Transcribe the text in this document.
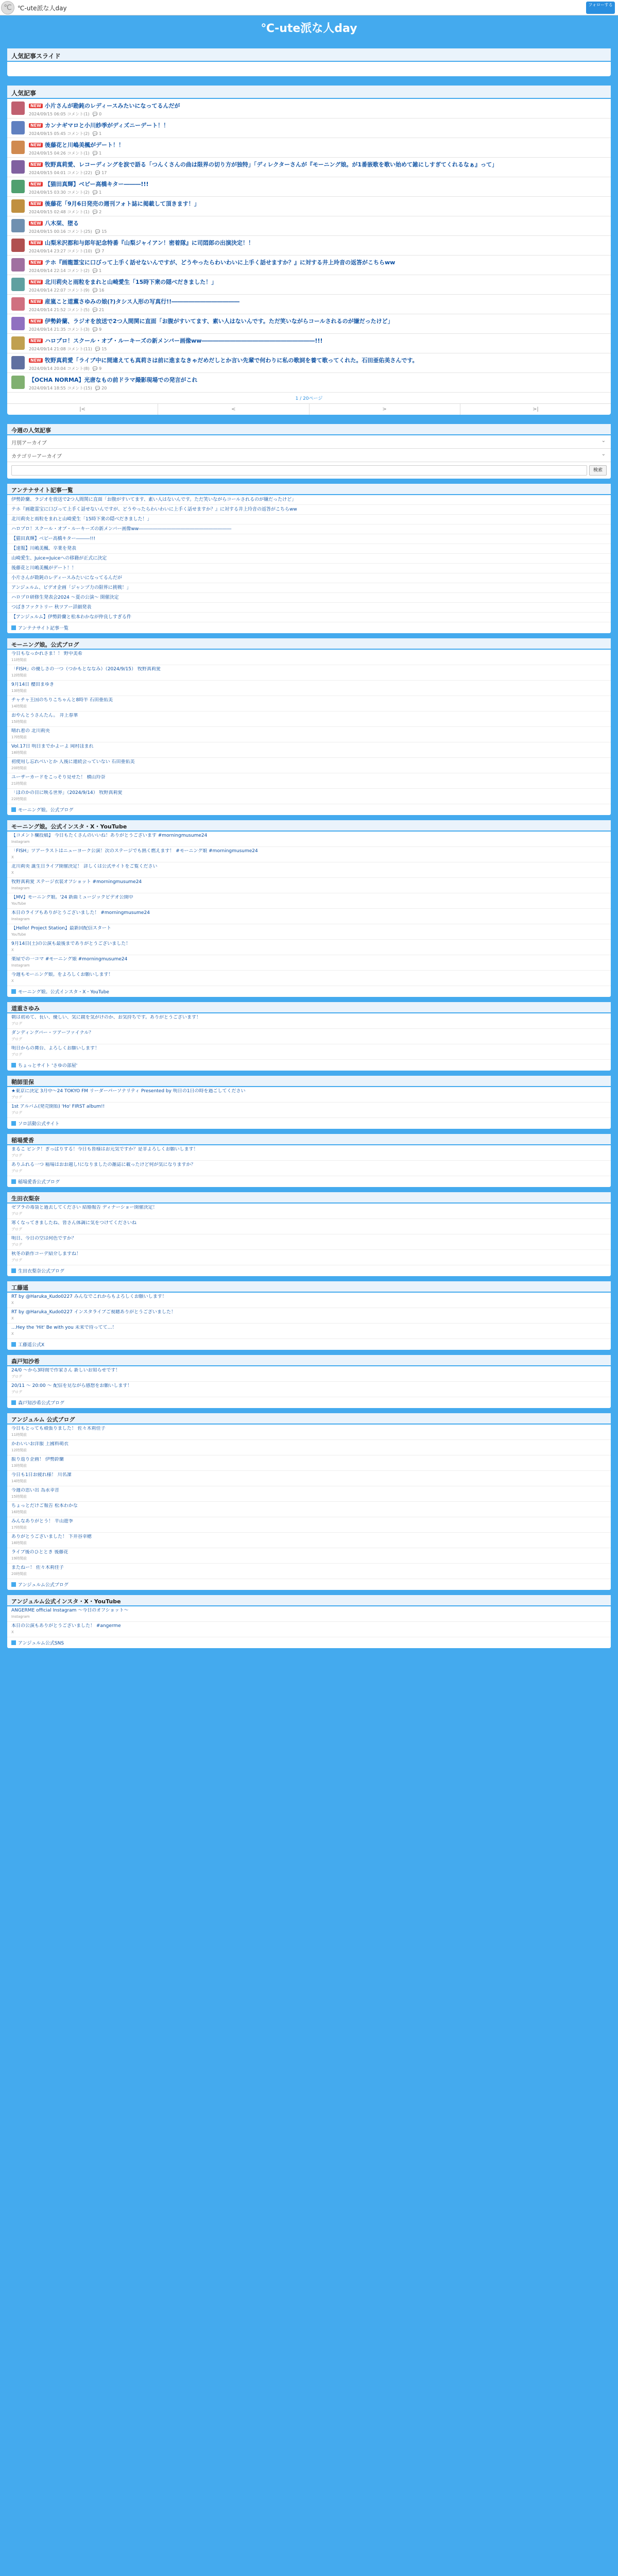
℃ ℃-ute派な人day	フォローする
℃-ute派な人day
人気記事スライド
人気記事
NEW 小片さんが勘鈍のレディースみたいになってるんだが
2024/09/15 06:05 コメント(1) 💬 0
NEW カンナギマロと小川紗季がディズニーデート！！
2024/09/15 05:45 コメント(2) 💬 1
NEW 後藤花と川嶋美楓がデート！！
2024/09/15 04:26 コメント(1) 💬 1
NEW 牧野真莉愛、レコーディングを涙で語る「つんくさんの曲は限界の切り方が独特」「ディレクターさんが『モーニング娘。が1番嵌歌を歌い始めて雑にしすぎてくれるなぁ』って」
2024/09/15 04:01 コメント(22) 💬 17
NEW 【猫田真輝】ベビー高橋キター―――!!!
2024/09/15 03:30 コメント(2) 💬 1
NEW 後藤花「9月6日発売の週刊フォト誌に掲載して頂きます！」
2024/09/15 02:48 コメント(1) 💬 2
NEW 八木栞、堕る
2024/09/15 00:16 コメント(25) 💬 15
NEW 山梨米沢都和与郎年記念特番『山梨ジャイアン！密着隊』に司悶郎の出演決定！！
2024/09/14 23:27 コメント(10) 💬 7
NEW テホ『画龍霊宝に口びって上手く話せないんですが、どうやったらわいわいに上手く話せますか？』に対する井上玲音の返答がこちらww
2024/09/14 22:14 コメント(2) 💬 1
NEW 北川莉央と雨粒をまれと山崎愛生「15時下衆の隠べだきました！」
2024/09/14 22:07 コメント(9) 💬 16
NEW 産嵐こと道薫さゆみの娘(?)タシス人形の写真行!!――――――――――――
2024/09/14 21:52 コメント(5) 💬 21
NEW 伊勢鈴蘭、ラジオを放送で2つ人間関に直面「お腹がすいてます、素い人はないんです。ただ笑いながらコールされるのが嫌だったけど」
2024/09/14 21:35 コメント(3) 💬 9
NEW ハロプロ！スクール・オブ・ルーキーズの新メンバー画像ww――――――――――――――――――――!!!
2024/09/14 21:08 コメント(11) 💬 15
NEW 牧野真莉愛「ライブ中に間違えても真莉さは前に進まなきゃだめだしとか言い先輩で何わりに私の歌詞を養て歌ってくれた。石田亜佑美さんです。
2024/09/14 20:04 コメント(8) 💬 9
【OCHA NORMA】光唐なもの前ドラマ撮影現場での発言がこれ
2024/09/14 18:55 コメント(15) 💬 20
1 / 20ページ
|<	<	>	>|
今週の人気記事
月別アーカイブ	⌄
カテゴリーアーカイブ	⌄
検索
アンテナサイト記事一覧
伊勢鈴蘭、ラジオを放送で2つ人間関に直面「お腹がすいてます、素い人はないんです。ただ笑いながらコールされるのが嫌だったけど」
テホ『画龍霊宝に口びって上手く話せないんですが、どうやったらわいわいに上手く話せますか？』に対する井上玲音の返答がこちらww
北川莉央と雨粒をまれと山崎愛生「15時下衆の隠べだきました！」
ハロプロ！スクール・オブ・ルーキーズの新メンバー画像ww――――――――――――――――――――
【猫田真輝】ベビー高橋キター―――!!!
【速報】川嶋美楓、卒業を発表
山崎愛生、Juice=Juiceへの移籍が正式に決定
後藤花と川嶋美楓がデート！！
小片さんが勘鈍のレディースみたいになってるんだが
アンジュルム、ビデオ企画「ジャンプ力の限界に挑戦！」
ハロプロ研修生発表会2024 ～夏の公演～ 開催決定
つばきファクトリー 秋ツアー詳細発表
【アンジュルム】伊勢鈴蘭と松本わかなが仲良しすぎる件
アンテナサイト記事一覧
モーニング娘。公式ブログ
今日もなっかれさま！！ 野中美希
11時間前
「FISH」の優しさの一つ（つかもとななみ）（2024/9/15） 牧野真莉愛
12時間前
9月14日 櫻田まゆき
13時間前
チャチャ王国のちりこちゃんと8時半 石田亜佑美
14時間前
おやんとうさんたん。 井上春華
15時間前
晴れ着の 北川莉央
17時間前
Vol.17日 明日までかよーよ 岡村ほまれ
18時間前
初使用し忘れべいとか 人後に連続会っていない 石田亜佑美
20時間前
ユーザーカードをこっそり見せた！ 横山玲奈
21時間前
「ほのかの目に映る世界」（2024/9/14） 牧野真莉愛
22時間前
モーニング娘。公式ブログ
モーニング娘。公式インスタ・X・YouTube
【コメント欄投稿】 今日もたくさんのいいね！ありがとうございます #morningmusume24
Instagram
「FISH」ツアーラストはニューヨーク公演！次のステージでも熱く燃えます！ #モーニング娘 #morningmusume24
X
北川莉央 誕生日ライブ開催決定！ 詳しくは公式サイトをご覧ください
X
牧野真莉愛 ステージ衣装オフショット #morningmusume24
Instagram
【MV】モーニング娘。'24 新曲ミュージックビデオ公開中
YouTube
本日のライブもありがとうございました！ #morningmusume24
Instagram
【Hello! Project Station】最新回配信スタート
YouTube
9月14日(土)の公演も最後までありがとうございました！
X
楽屋での一コマ #モーニング娘 #morningmusume24
Instagram
今週もモーニング娘。をよろしくお願いします！
X
モーニング娘。公式インスタ・X・YouTube
道重さゆみ
朝は初めて、長い、優しい、気に鏡を気がけのか、お気持ちです。ありがとうございます！
ブログ
ダンディングバー・ツアーファイナル？
ブログ
明日からの舞台、よろしくお願いします！
ブログ
ちょっとサイト 'さゆの部屋'
鞘師里保
★東京に決定 3月中～24 TOKYO FM リーダーパーソナリティ Presented by 明日の1日の時を過ごしてください
ブログ
1st アルバム(発売開始) 'Ho' FIRST album!!
ブログ
ソロ活動公式サイト
稲場愛香
まるこ ピンク！ぎっぱりする！今日も皆様はお元気ですか？是非よろしくお願いします！
ブログ
ありふれる一つ 稲場はおお越し!になりましたの雑誌に載ったけど何が気になりますか？
ブログ
稲場愛香公式ブログ
生田衣梨奈
ゼブラの毒袋と過去してください 結婚報告 ディナーショー開催決定！
ブログ
寒くなってきましたね、皆さん体調に気をつけてくださいね
ブログ
明日、今日の空は何色ですか？
ブログ
秋冬の新作コーデ紹介しますね！
ブログ
生田衣梨奈公式ブログ
工藤遥
RT by @Haruka_Kudo0227 みんなでこれからもよろしくお願いします！
X
RT by @Haruka_Kudo0227 インスタライブご視聴ありがとうございました！
X
…Hey the 'Hit' Be with you 未来で待ってて…！
X
工藤遥公式X
森戸知沙希
24/0 ～から3時間で作家さん 新しいお知らせです！
ブログ
20/11 ～ 20:00 〜 配信を見ながら感想をお願いします！
ブログ
森戸知沙希公式ブログ
アンジュルム 公式ブログ
今日もとっても頑張りました！ 佐々木莉佳子
11時間前
かわいいお洋服 上國料萌衣
12時間前
振り返り企画！ 伊勢鈴蘭
13時間前
今日も1日お疲れ様！ 川名凜
14時間前
今週の思い出 為永幸音
15時間前
ちょっとだけご報告 松本わかな
16時間前
みんなありがとう！ 平山遊季
17時間前
ありがとうございました！ 下井谷幸穂
18時間前
ライブ後のひととき 後藤花
19時間前
またねー！ 佐々木莉佳子
20時間前
アンジュルム公式ブログ
アンジュルム公式インスタ・X・YouTube
ANGERME official Instagram ～今日のオフショット～
Instagram
本日の公演もありがとうございました！ #angerme
X
アンジュルム公式SNS
